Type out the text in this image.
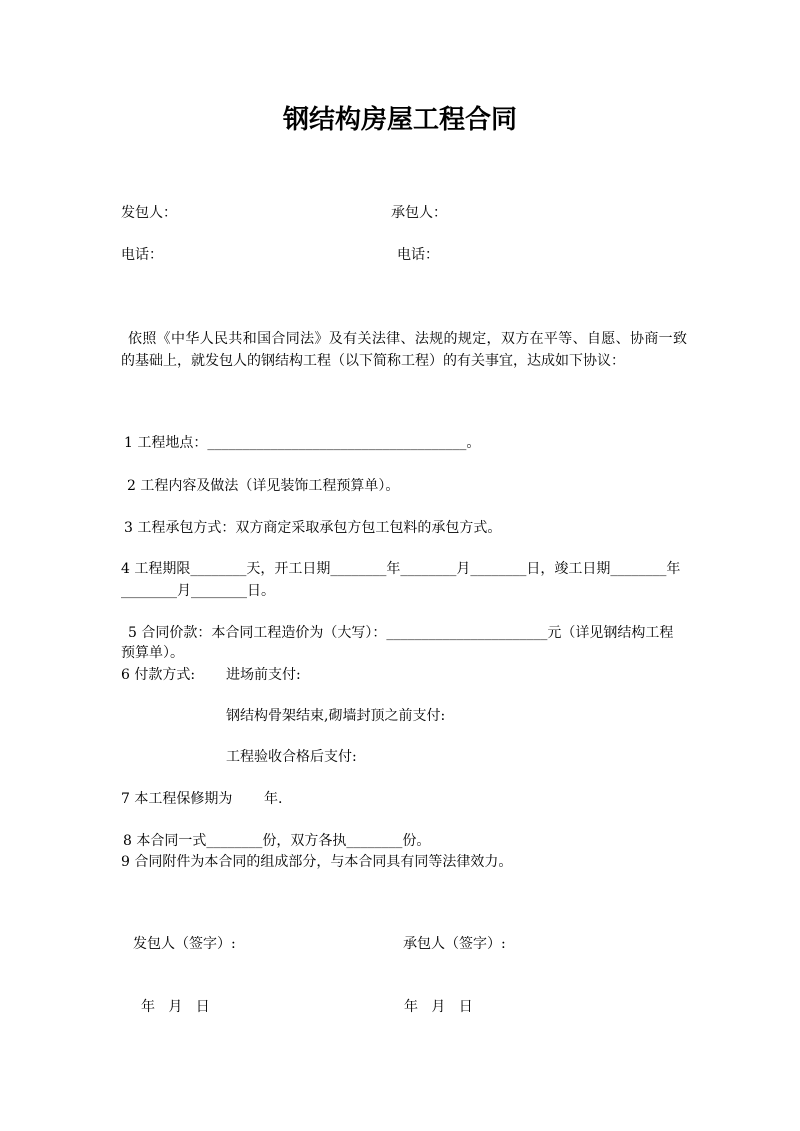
钢结构房屋工程合同
发包人：	承包人：
电话：	电话：
依照《中华人民共和国合同法》及有关法律、法规的规定，双方在平等、自愿、协商一致的基础上，就发包人的钢结构工程（以下简称工程）的有关事宜，达成如下协议：
1 工程地点：_____________________________________。
2 工程内容及做法（详见装饰工程预算单）。
3 工程承包方式：双方商定采取承包方包工包料的承包方式。
4 工程期限________天，开工日期________年________月________日，竣工日期________年
________月________日。
5 合同价款：本合同工程造价为（大写）：_______________________元（详见钢结构工程
预算单）。
6 付款方式: 进场前支付:
钢结构骨架结束,砌墙封顶之前支付:
工程验收合格后支付:
7 本工程保修期为 年.
8 本合同一式________份，双方各执________份。
9 合同附件为本合同的组成部分，与本合同具有同等法律效力。
发包人（签字）:	承包人（签字）:
年   月   日	年   月   日
